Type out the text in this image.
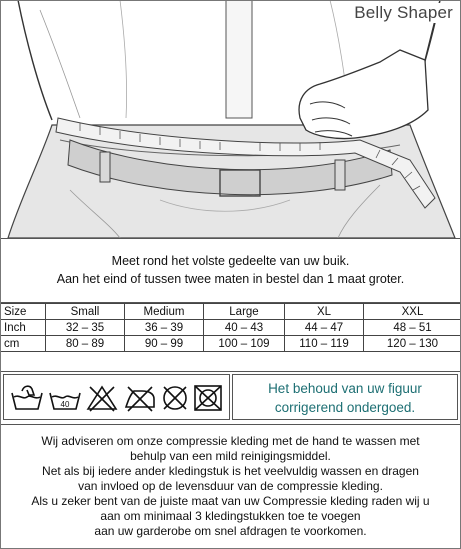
Belly Shaper
Meet rond het volste gedeelte van uw buik.
Aan het eind of tussen twee maten in bestel dan 1 maat groter.
Size	Small	Medium	Large	XL	XXL
Inch	32 – 35	36 – 39	40 – 43	44 – 47	48 – 51
cm	80 – 89	90 – 99	100 – 109	110 – 119	120 – 130
40
Het behoud van uw figuur
corrigerend ondergoed.
Wij adviseren om onze compressie kleding met de hand te wassen met
behulp van een mild reinigingsmiddel.
Net als bij iedere ander kledingstuk is het veelvuldig wassen en dragen
van invloed op de levensduur van de compressie kleding.
Als u zeker bent van de juiste maat van uw Compressie kleding raden wij u
aan om minimaal 3 kledingstukken toe te voegen
aan uw garderobe om snel afdragen te voorkomen.
